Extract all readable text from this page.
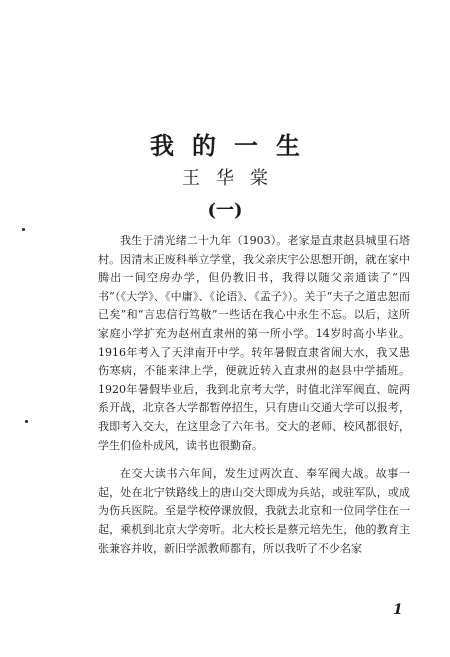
我的一生
王华棠
(一)

我生于清光绪二十九年（1903）。老家是直隶赵县城里石塔村。因清末正废科举立学堂，我父亲庆宇公思想开朗，就在家中腾出一间空房办学，但仍教旧书，我得以随父亲通读了“四书”（《大学》、《中庸》、《论语》、《孟子》）。关于“夫子之道忠恕而已矣”和“言忠信行笃敬”一些话在我心中永生不忘。以后，这所家庭小学扩充为赵州直隶州的第一所小学。14岁时高小毕业。1916年考入了天津南开中学。转年暑假直隶省闹大水，我又患伤寒病，不能来津上学，便就近转入直隶州的赵县中学插班。1920年暑假毕业后，我到北京考大学，时值北洋军阀直、皖两系开战，北京各大学都暂停招生，只有唐山交通大学可以报考，我即考入交大，在这里念了六年书。交大的老师、校风都很好，学生们俭朴成风，读书也很勤奋。

在交大读书六年间，发生过两次直、奉军阀大战。故事一起，处在北宁铁路线上的唐山交大即成为兵站，或驻军队，或成为伤兵医院。至是学校停课放假，我就去北京和一位同学住在一起，乘机到北京大学旁听。北大校长是蔡元培先生，他的教育主张兼容并收，新旧学派教师都有，所以我听了不少名家

1
